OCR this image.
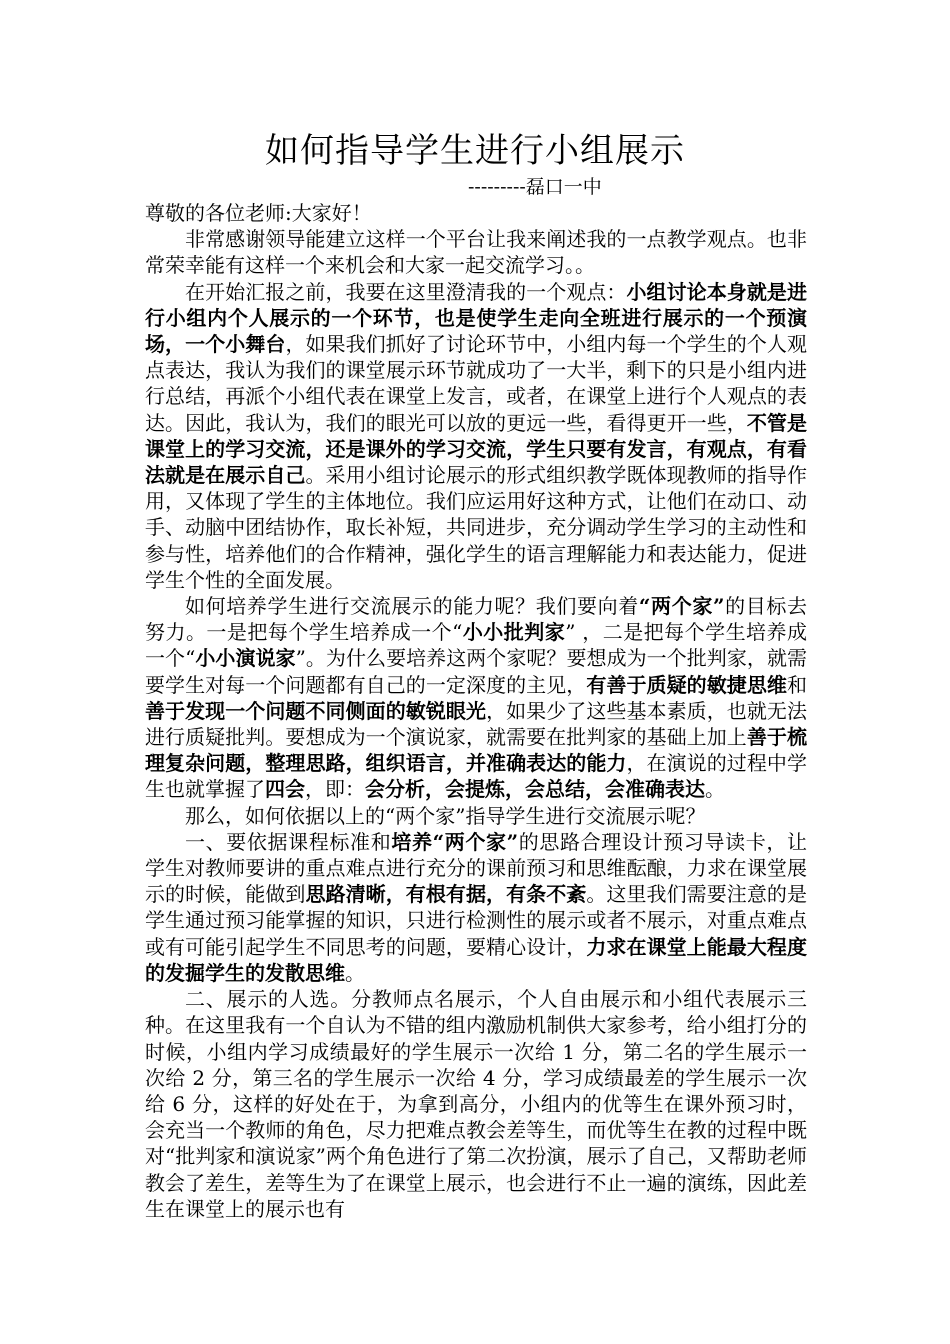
如何指导学生进行小组展示
---------磊口一中

尊敬的各位老师:大家好！

非常感谢领导能建立这样一个平台让我来阐述我的一点教学观点。也非常荣幸能有这样一个来机会和大家一起交流学习。。

在开始汇报之前，我要在这里澄清我的一个观点：小组讨论本身就是进行小组内个人展示的一个环节，也是使学生走向全班进行展示的一个预演场，一个小舞台，如果我们抓好了讨论环节中，小组内每一个学生的个人观点表达，我认为我们的课堂展示环节就成功了一大半，剩下的只是小组内进行总结，再派个小组代表在课堂上发言，或者，在课堂上进行个人观点的表达。因此，我认为，我们的眼光可以放的更远一些，看得更开一些，不管是课堂上的学习交流，还是课外的学习交流，学生只要有发言，有观点，有看法就是在展示自己。采用小组讨论展示的形式组织教学既体现教师的指导作用，又体现了学生的主体地位。我们应运用好这种方式，让他们在动口、动手、动脑中团结协作，取长补短，共同进步，充分调动学生学习的主动性和参与性，培养他们的合作精神，强化学生的语言理解能力和表达能力，促进学生个性的全面发展。

如何培养学生进行交流展示的能力呢？我们要向着“两个家”的目标去努力。一是把每个学生培养成一个“小小批判家” ，二是把每个学生培养成一个“小小演说家”。为什么要培养这两个家呢？要想成为一个批判家，就需要学生对每一个问题都有自己的一定深度的主见，有善于质疑的敏捷思维和善于发现一个问题不同侧面的敏锐眼光，如果少了这些基本素质，也就无法进行质疑批判。要想成为一个演说家，就需要在批判家的基础上加上善于梳理复杂问题，整理思路，组织语言，并准确表达的能力，在演说的过程中学生也就掌握了四会，即：会分析，会提炼，会总结，会准确表达。

那么，如何依据以上的“两个家”指导学生进行交流展示呢？

一、要依据课程标准和培养“两个家”的思路合理设计预习导读卡，让学生对教师要讲的重点难点进行充分的课前预习和思维酝酿，力求在课堂展示的时候，能做到思路清晰，有根有据，有条不紊。这里我们需要注意的是学生通过预习能掌握的知识，只进行检测性的展示或者不展示，对重点难点或有可能引起学生不同思考的问题，要精心设计，力求在课堂上能最大程度的发掘学生的发散思维。

二、展示的人选。分教师点名展示，个人自由展示和小组代表展示三种。在这里我有一个自认为不错的组内激励机制供大家参考，给小组打分的时候，小组内学习成绩最好的学生展示一次给 1 分，第二名的学生展示一次给 2 分，第三名的学生展示一次给 4 分，学习成绩最差的学生展示一次给 6 分，这样的好处在于，为拿到高分，小组内的优等生在课外预习时，会充当一个教师的角色，尽力把难点教会差等生，而优等生在教的过程中既对“批判家和演说家”两个角色进行了第二次扮演，展示了自己，又帮助老师教会了差生，差等生为了在课堂上展示，也会进行不止一遍的演练，因此差生在课堂上的展示也有
